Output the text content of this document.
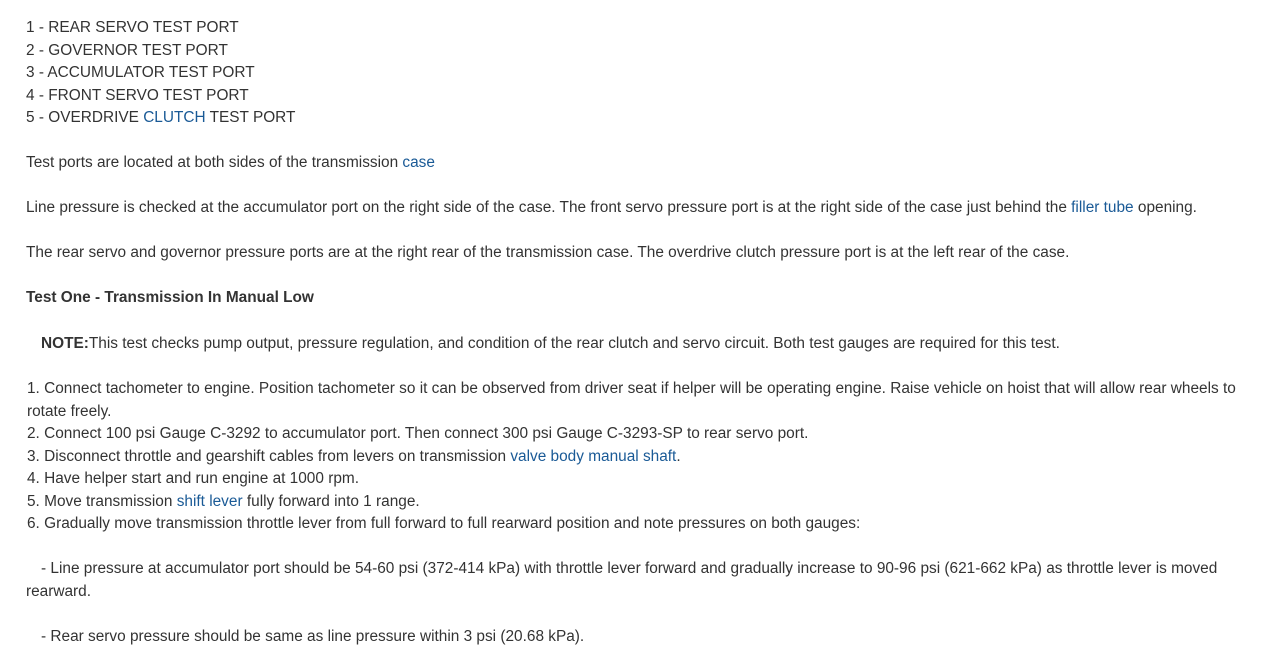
1 - REAR SERVO TEST PORT
2 - GOVERNOR TEST PORT
3 - ACCUMULATOR TEST PORT
4 - FRONT SERVO TEST PORT
5 - OVERDRIVE CLUTCH TEST PORT
Test ports are located at both sides of the transmission case
Line pressure is checked at the accumulator port on the right side of the case. The front servo pressure port is at the right side of the case just behind the filler tube opening.
The rear servo and governor pressure ports are at the right rear of the transmission case. The overdrive clutch pressure port is at the left rear of the case.
Test One - Transmission In Manual Low
NOTE:This test checks pump output, pressure regulation, and condition of the rear clutch and servo circuit. Both test gauges are required for this test.
1. Connect tachometer to engine. Position tachometer so it can be observed from driver seat if helper will be operating engine. Raise vehicle on hoist that will allow rear wheels to rotate freely.
2. Connect 100 psi Gauge C-3292 to accumulator port. Then connect 300 psi Gauge C-3293-SP to rear servo port.
3. Disconnect throttle and gearshift cables from levers on transmission valve body manual shaft.
4. Have helper start and run engine at 1000 rpm.
5. Move transmission shift lever fully forward into 1 range.
6. Gradually move transmission throttle lever from full forward to full rearward position and note pressures on both gauges:
- Line pressure at accumulator port should be 54-60 psi (372-414 kPa) with throttle lever forward and gradually increase to 90-96 psi (621-662 kPa) as throttle lever is moved rearward.
- Rear servo pressure should be same as line pressure within 3 psi (20.68 kPa).
